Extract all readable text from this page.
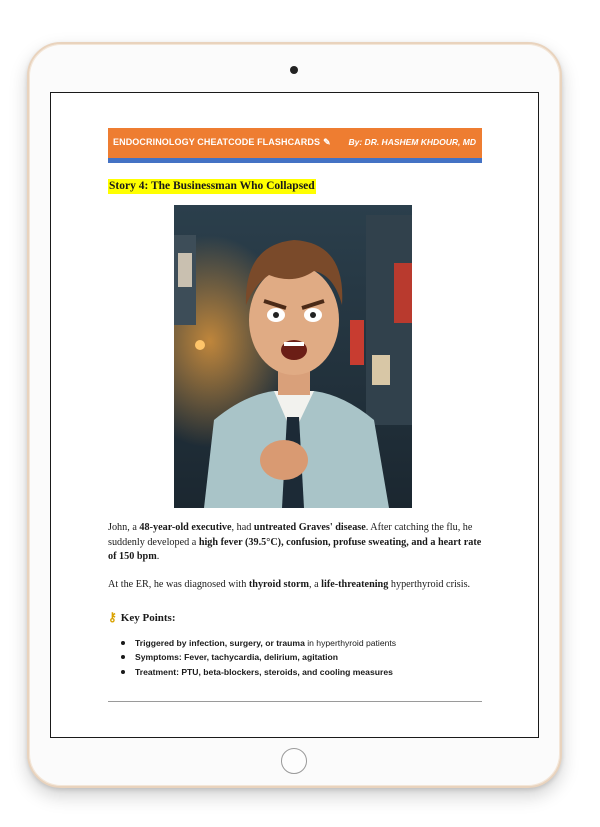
ENDOCRINOLOGY CHEATCODE FLASHCARDS ✎ By: DR. HASHEM KHDOUR, MD
Story 4: The Businessman Who Collapsed
John, a 48-year-old executive, had untreated Graves' disease. After catching the flu, he suddenly developed a high fever (39.5°C), confusion, profuse sweating, and a heart rate of 150 bpm.
At the ER, he was diagnosed with thyroid storm, a life-threatening hyperthyroid crisis.
⚷ Key Points:
Triggered by infection, surgery, or trauma in hyperthyroid patients
Symptoms: Fever, tachycardia, delirium, agitation
Treatment: PTU, beta-blockers, steroids, and cooling measures
